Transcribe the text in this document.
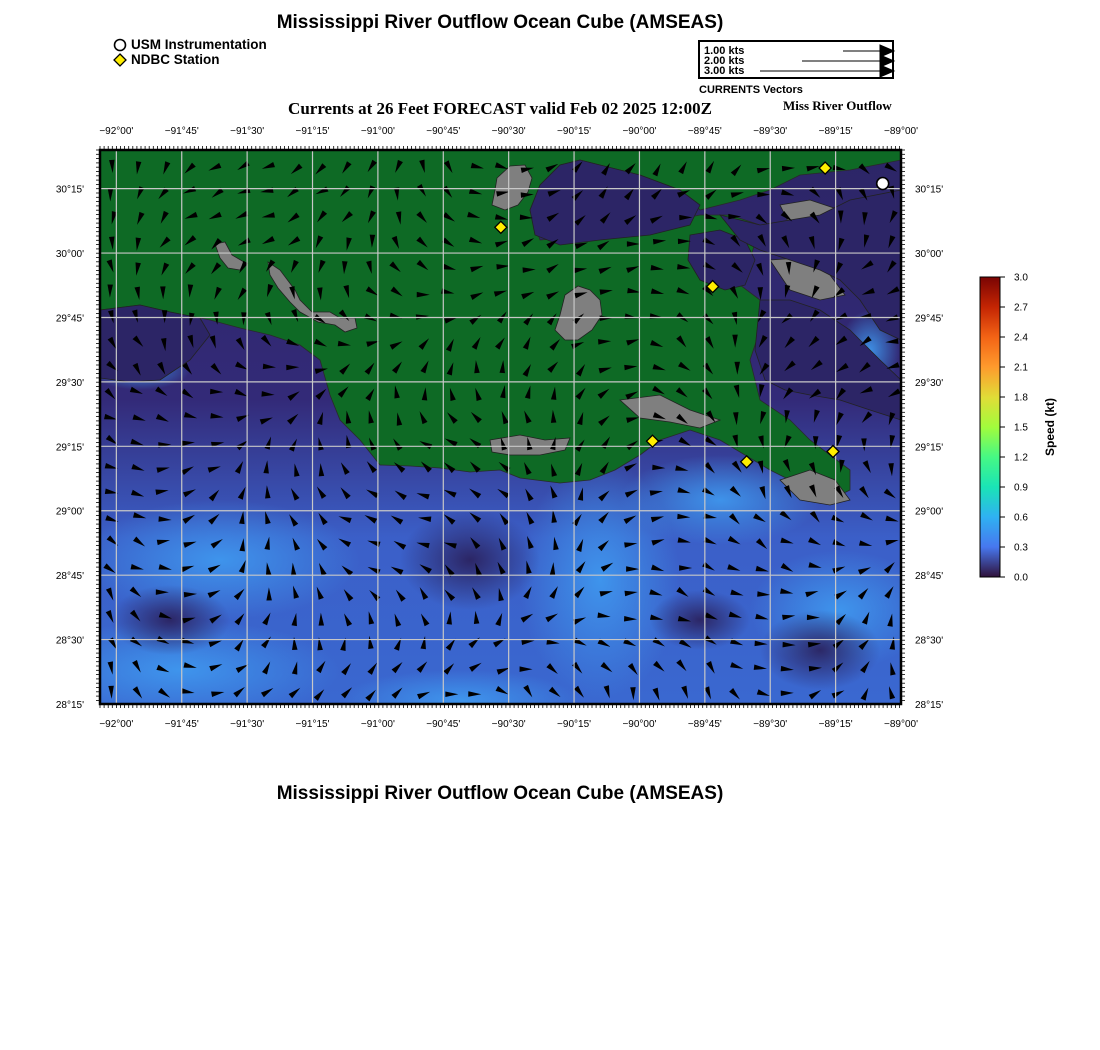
Mississippi River Outflow Ocean Cube (AMSEAS)
USM Instrumentation
NDBC Station
1.00 kts
2.00 kts
3.00 kts
CURRENTS Vectors
Currents at 26 Feet FORECAST valid Feb 02 2025 12:00Z	Miss River Outflow
−92°00'
−92°00'
−91°45'
−91°45'
−91°30'
−91°30'
−91°15'
−91°15'
−91°00'
−91°00'
−90°45'
−90°45'
−90°30'
−90°30'
−90°15'
−90°15'
−90°00'
−90°00'
−89°45'
−89°45'
−89°30'
−89°30'
−89°15'
−89°15'
−89°00'
−89°00'
30°15'	30°15'
30°00'	30°00'
29°45'	29°45'
29°30'	29°30'
29°15'	29°15'
29°00'	29°00'
28°45'	28°45'
28°30'	28°30'
28°15'	28°15'
3.0
2.7
2.4
2.1
1.8
1.5
1.2
0.9
0.6
0.3
0.0
Speed (kt)
Mississippi River Outflow Ocean Cube (AMSEAS)
